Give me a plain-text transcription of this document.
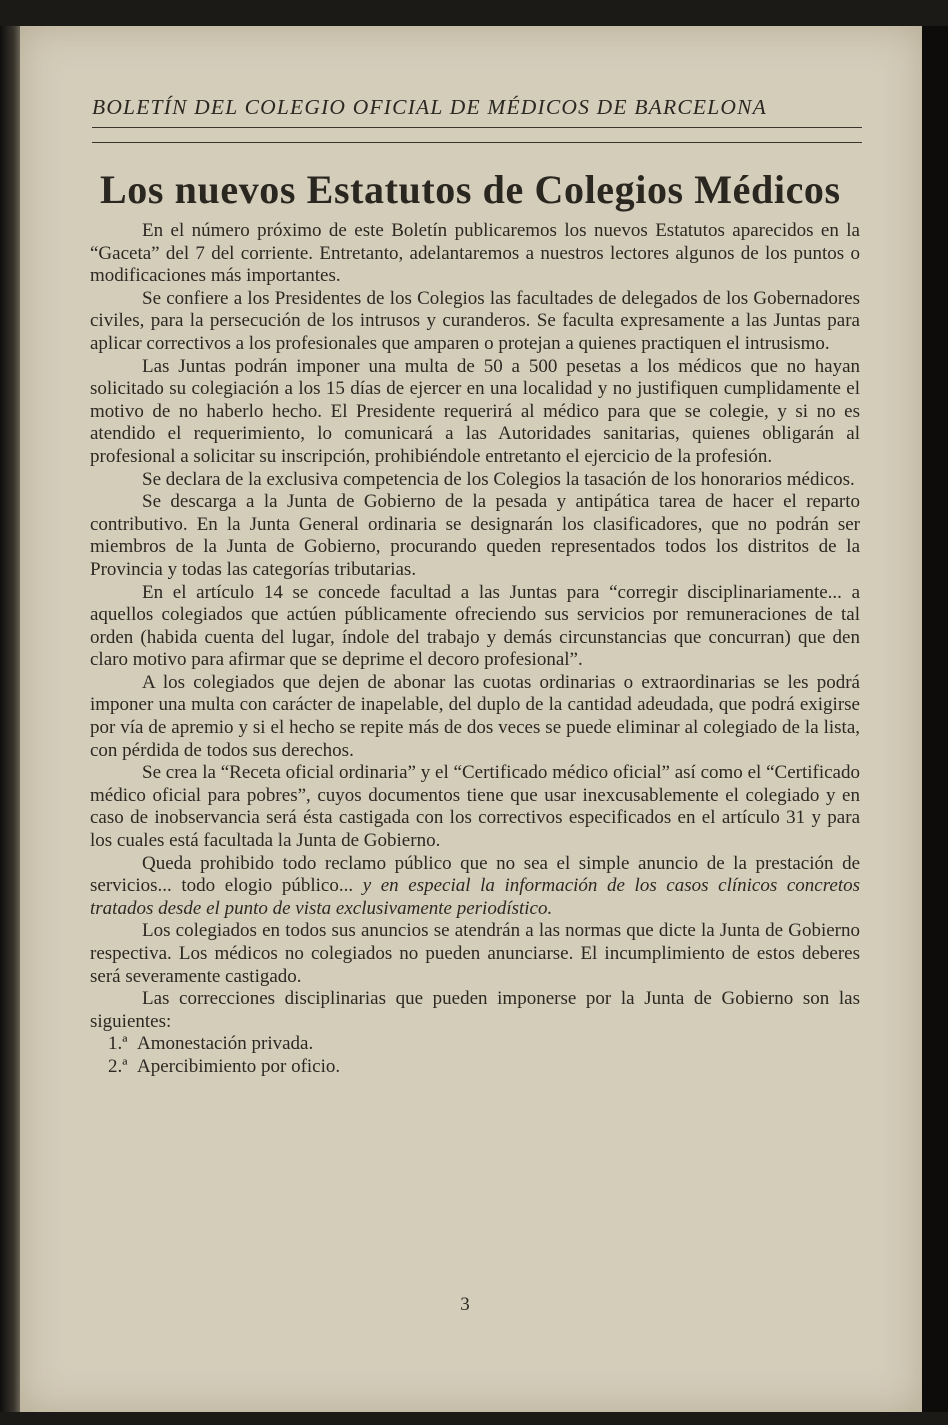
BOLETÍN DEL COLEGIO OFICIAL DE MÉDICOS DE BARCELONA
Los nuevos Estatutos de Colegios Médicos

En el número próximo de este Boletín publicaremos los nuevos Estatutos aparecidos en la “Gaceta” del 7 del corriente. Entretanto, adelantaremos a nuestros lectores algunos de los puntos o modificaciones más importantes.

Se confiere a los Presidentes de los Colegios las facultades de delegados de los Gobernadores civiles, para la persecución de los intrusos y curanderos. Se faculta expresamente a las Juntas para aplicar correctivos a los profesionales que amparen o protejan a quienes practiquen el intrusismo.

Las Juntas podrán imponer una multa de 50 a 500 pesetas a los médicos que no hayan solicitado su colegiación a los 15 días de ejercer en una localidad y no justifiquen cumplidamente el motivo de no haberlo hecho. El Presidente requerirá al médico para que se colegie, y si no es atendido el requerimiento, lo comunicará a las Autoridades sanitarias, quienes obligarán al profesional a solicitar su inscripción, prohibiéndole entretanto el ejercicio de la profesión.

Se declara de la exclusiva competencia de los Colegios la tasación de los honorarios médicos.

Se descarga a la Junta de Gobierno de la pesada y antipática tarea de hacer el reparto contributivo. En la Junta General ordinaria se designarán los clasificadores, que no podrán ser miembros de la Junta de Gobierno, procurando queden representados todos los distritos de la Provincia y todas las categorías tributarias.

En el artículo 14 se concede facultad a las Juntas para “corregir disciplinariamente... a aquellos colegiados que actúen públicamente ofreciendo sus servicios por remuneraciones de tal orden (habida cuenta del lugar, índole del trabajo y demás circunstancias que concurran) que den claro motivo para afirmar que se deprime el decoro profesional”.

A los colegiados que dejen de abonar las cuotas ordinarias o extraordinarias se les podrá imponer una multa con carácter de inapelable, del duplo de la cantidad adeudada, que podrá exigirse por vía de apremio y si el hecho se repite más de dos veces se puede eliminar al colegiado de la lista, con pérdida de todos sus derechos.

Se crea la “Receta oficial ordinaria” y el “Certificado médico oficial” así como el “Certificado médico oficial para pobres”, cuyos documentos tiene que usar inexcusablemente el colegiado y en caso de inobservancia será ésta castigada con los correctivos especificados en el artículo 31 y para los cuales está facultada la Junta de Gobierno.

Queda prohibido todo reclamo público que no sea el simple anuncio de la prestación de servicios... todo elogio público... y en especial la información de los casos clínicos concretos tratados desde el punto de vista exclusivamente periodístico.

Los colegiados en todos sus anuncios se atendrán a las normas que dicte la Junta de Gobierno respectiva. Los médicos no colegiados no pueden anunciarse. El incumplimiento de estos deberes será severamente castigado.

Las correcciones disciplinarias que pueden imponerse por la Junta de Gobierno son las siguientes:

1.ª Amonestación privada.

2.ª Apercibimiento por oficio.

3
